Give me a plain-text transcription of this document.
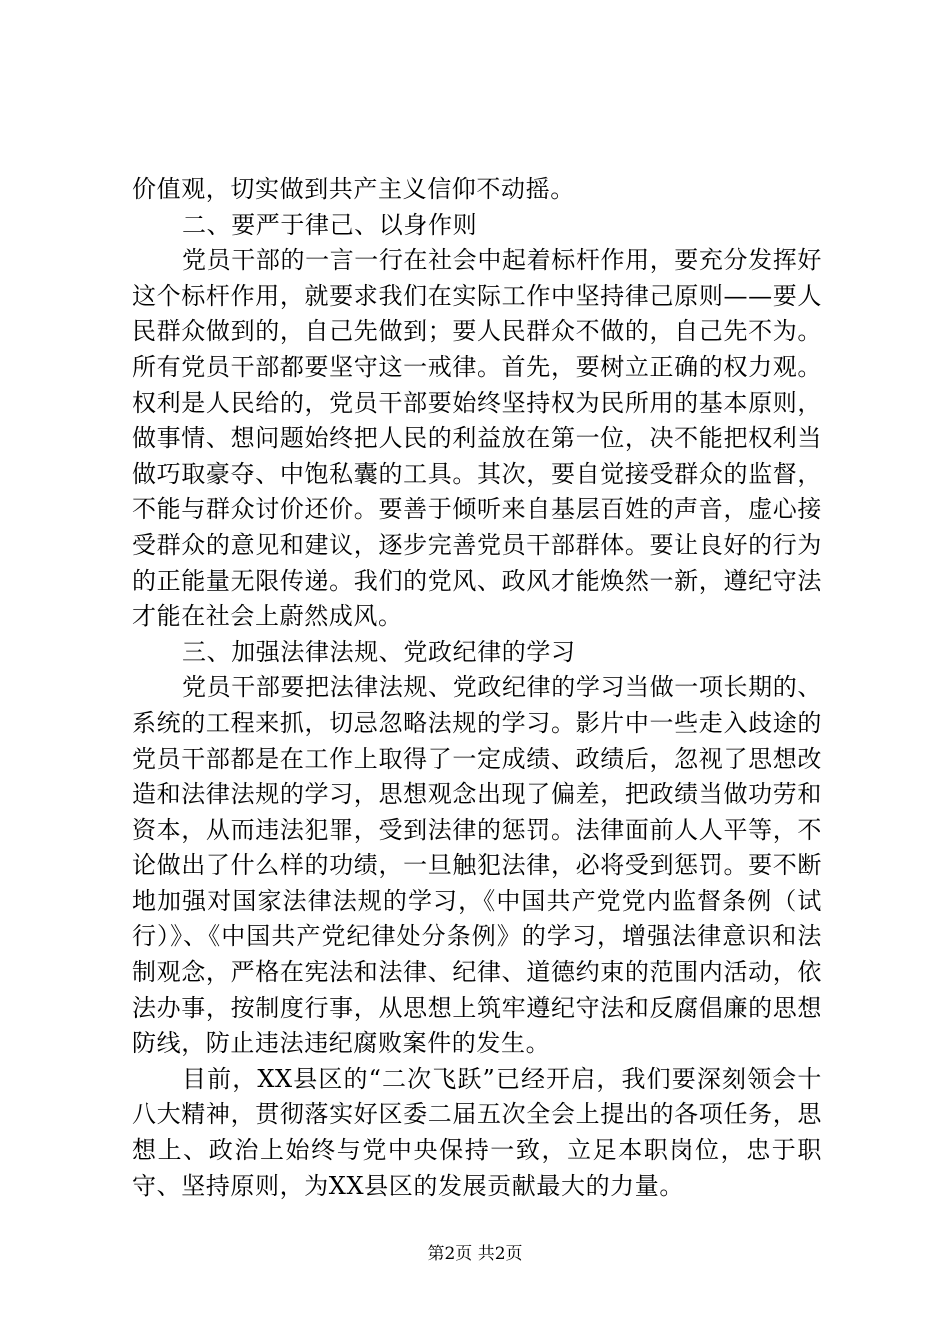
价值观，切实做到共产主义信仰不动摇。

二、要严于律己、以身作则

党员干部的一言一行在社会中起着标杆作用，要充分发挥好这个标杆作用，就要求我们在实际工作中坚持律己原则——要人民群众做到的，自己先做到；要人民群众不做的，自己先不为。所有党员干部都要坚守这一戒律。首先，要树立正确的权力观。权利是人民给的，党员干部要始终坚持权为民所用的基本原则，做事情、想问题始终把人民的利益放在第一位，决不能把权利当做巧取豪夺、中饱私囊的工具。其次，要自觉接受群众的监督，不能与群众讨价还价。要善于倾听来自基层百姓的声音，虚心接受群众的意见和建议，逐步完善党员干部群体。要让良好的行为的正能量无限传递。我们的党风、政风才能焕然一新，遵纪守法才能在社会上蔚然成风。

三、加强法律法规、党政纪律的学习

党员干部要把法律法规、党政纪律的学习当做一项长期的、系统的工程来抓，切忌忽略法规的学习。影片中一些走入歧途的党员干部都是在工作上取得了一定成绩、政绩后，忽视了思想改造和法律法规的学习，思想观念出现了偏差，把政绩当做功劳和资本，从而违法犯罪，受到法律的惩罚。法律面前人人平等，不论做出了什么样的功绩，一旦触犯法律，必将受到惩罚。要不断地加强对国家法律法规的学习，《中国共产党党内监督条例（试行）》、《中国共产党纪律处分条例》的学习，增强法律意识和法制观念，严格在宪法和法律、纪律、道德约束的范围内活动，依法办事，按制度行事，从思想上筑牢遵纪守法和反腐倡廉的思想防线，防止违法违纪腐败案件的发生。

目前，XX县区的“二次飞跃”已经开启，我们要深刻领会十八大精神，贯彻落实好区委二届五次全会上提出的各项任务，思想上、政治上始终与党中央保持一致，立足本职岗位，忠于职守、坚持原则，为XX县区的发展贡献最大的力量。

第2页 共2页
